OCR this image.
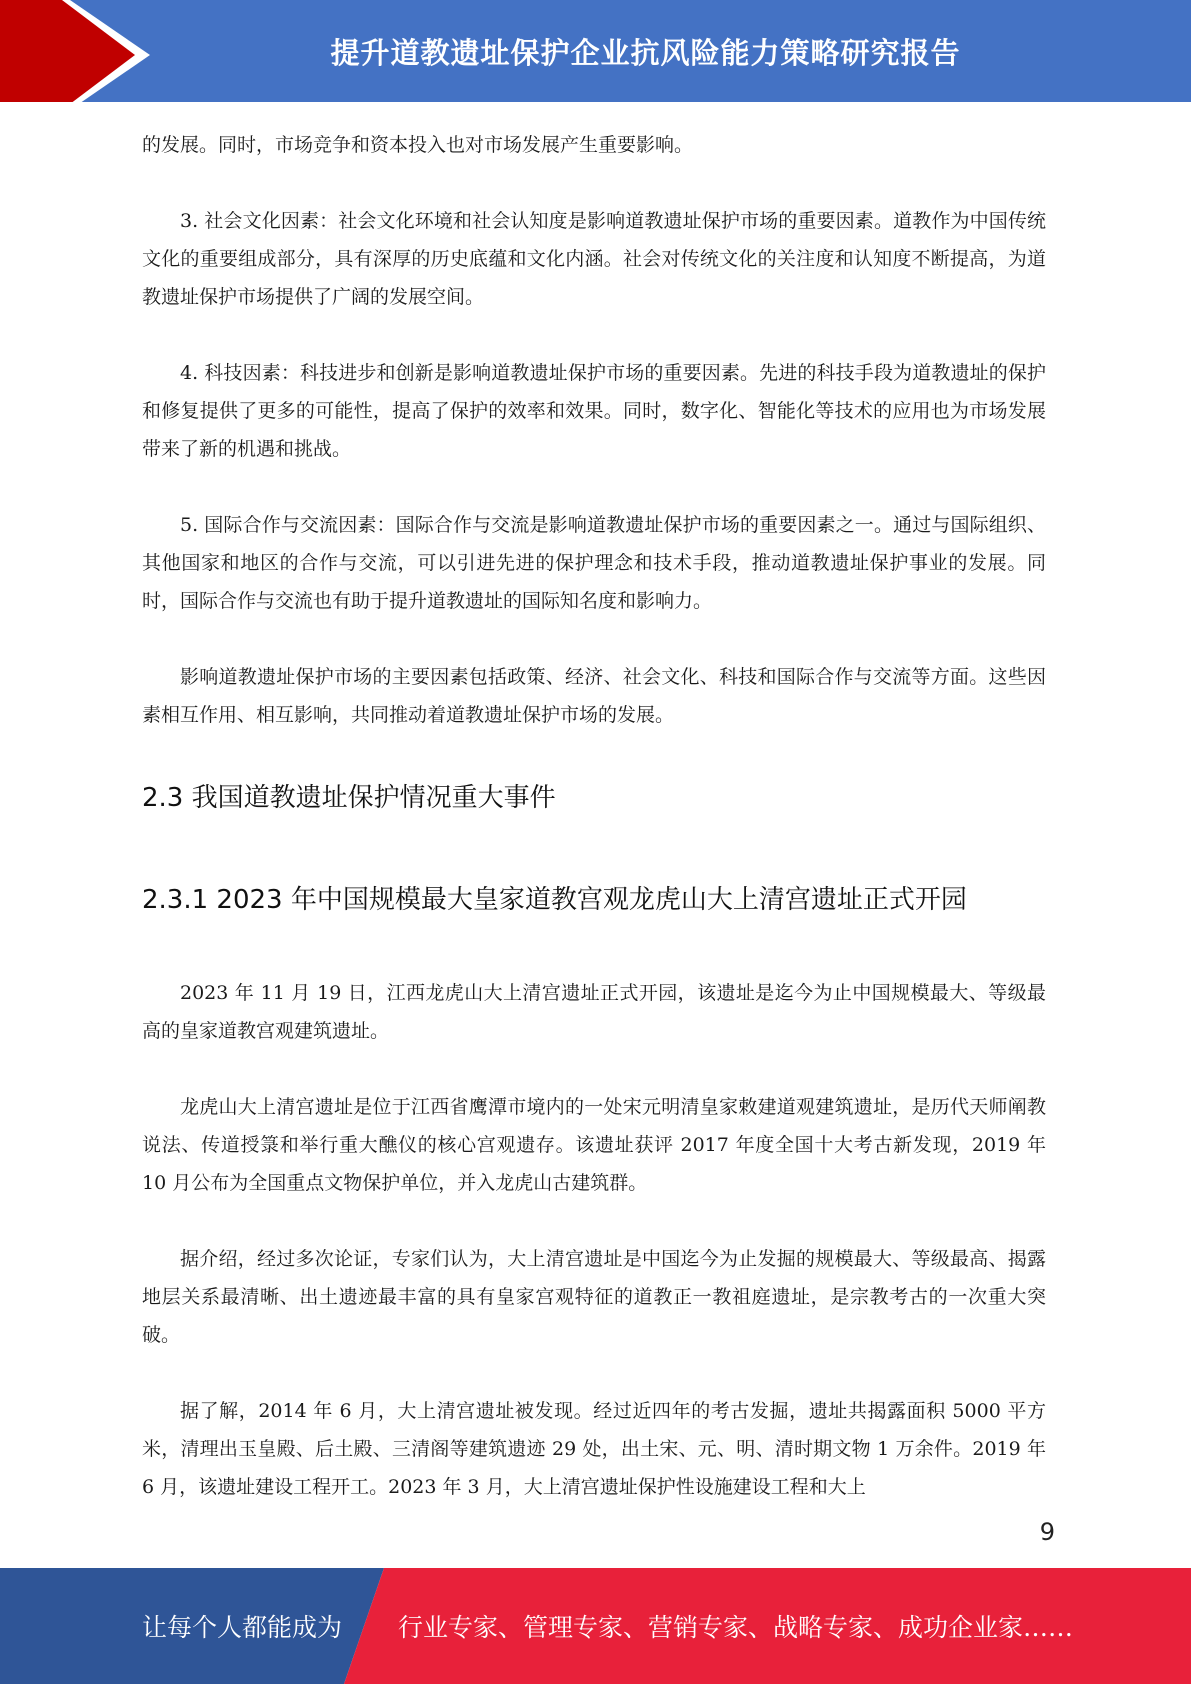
提升道教遗址保护企业抗风险能力策略研究报告

的发展。同时，市场竞争和资本投入也对市场发展产生重要影响。

3. 社会文化因素：社会文化环境和社会认知度是影响道教遗址保护市场的重要因素。道教作为中国传统文化的重要组成部分，具有深厚的历史底蕴和文化内涵。社会对传统文化的关注度和认知度不断提高，为道教遗址保护市场提供了广阔的发展空间。

4. 科技因素：科技进步和创新是影响道教遗址保护市场的重要因素。先进的科技手段为道教遗址的保护和修复提供了更多的可能性，提高了保护的效率和效果。同时，数字化、智能化等技术的应用也为市场发展带来了新的机遇和挑战。

5. 国际合作与交流因素：国际合作与交流是影响道教遗址保护市场的重要因素之一。通过与国际组织、其他国家和地区的合作与交流，可以引进先进的保护理念和技术手段，推动道教遗址保护事业的发展。同时，国际合作与交流也有助于提升道教遗址的国际知名度和影响力。

影响道教遗址保护市场的主要因素包括政策、经济、社会文化、科技和国际合作与交流等方面。这些因素相互作用、相互影响，共同推动着道教遗址保护市场的发展。

2.3 我国道教遗址保护情况重大事件
2.3.1 2023 年中国规模最大皇家道教宫观龙虎山大上清宫遗址正式开园

2023 年 11 月 19 日，江西龙虎山大上清宫遗址正式开园，该遗址是迄今为止中国规模最大、等级最高的皇家道教宫观建筑遗址。

龙虎山大上清宫遗址是位于江西省鹰潭市境内的一处宋元明清皇家敕建道观建筑遗址，是历代天师阐教说法、传道授箓和举行重大醮仪的核心宫观遗存。该遗址获评 2017 年度全国十大考古新发现，2019 年 10 月公布为全国重点文物保护单位，并入龙虎山古建筑群。

据介绍，经过多次论证，专家们认为，大上清宫遗址是中国迄今为止发掘的规模最大、等级最高、揭露地层关系最清晰、出土遗迹最丰富的具有皇家宫观特征的道教正一教祖庭遗址，是宗教考古的一次重大突破。

据了解，2014 年 6 月，大上清宫遗址被发现。经过近四年的考古发掘，遗址共揭露面积 5000 平方米，清理出玉皇殿、后土殿、三清阁等建筑遗迹 29 处，出土宋、元、明、清时期文物 1 万余件。2019 年 6 月，该遗址建设工程开工。2023 年 3 月，大上清宫遗址保护性设施建设工程和大上

9
让每个人都能成为 行业专家、管理专家、营销专家、战略专家、成功企业家……
